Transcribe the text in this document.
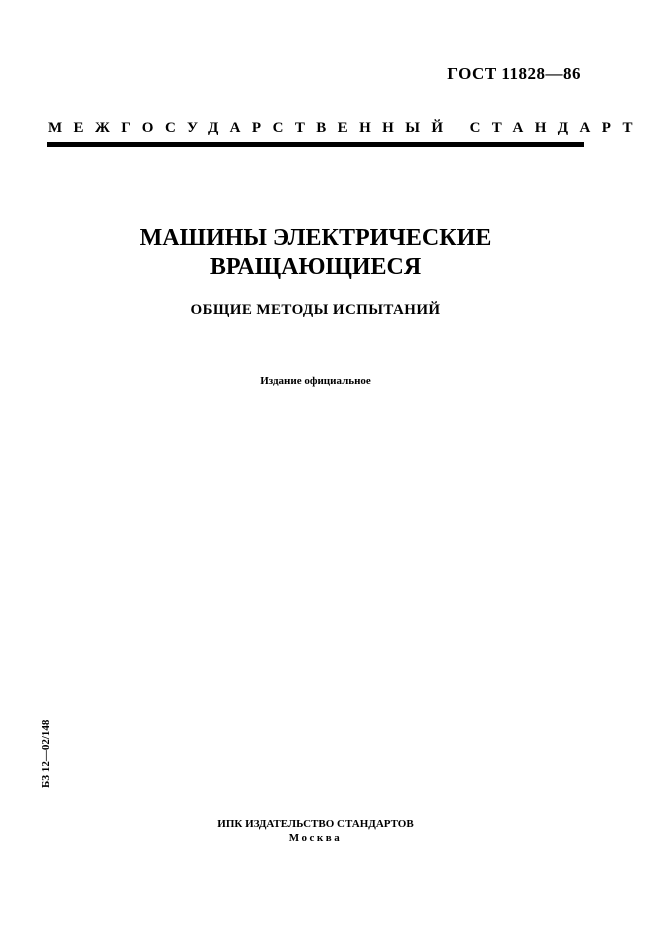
ГОСТ 11828—86
МЕЖГОСУДАРСТВЕННЫЙ СТАНДАРТ
МАШИНЫ ЭЛЕКТРИЧЕСКИЕ
ВРАЩАЮЩИЕСЯ
ОБЩИЕ МЕТОДЫ ИСПЫТАНИЙ
Издание официальное
БЗ 12—02/148
ИПК ИЗДАТЕЛЬСТВО СТАНДАРТОВ
Москва
